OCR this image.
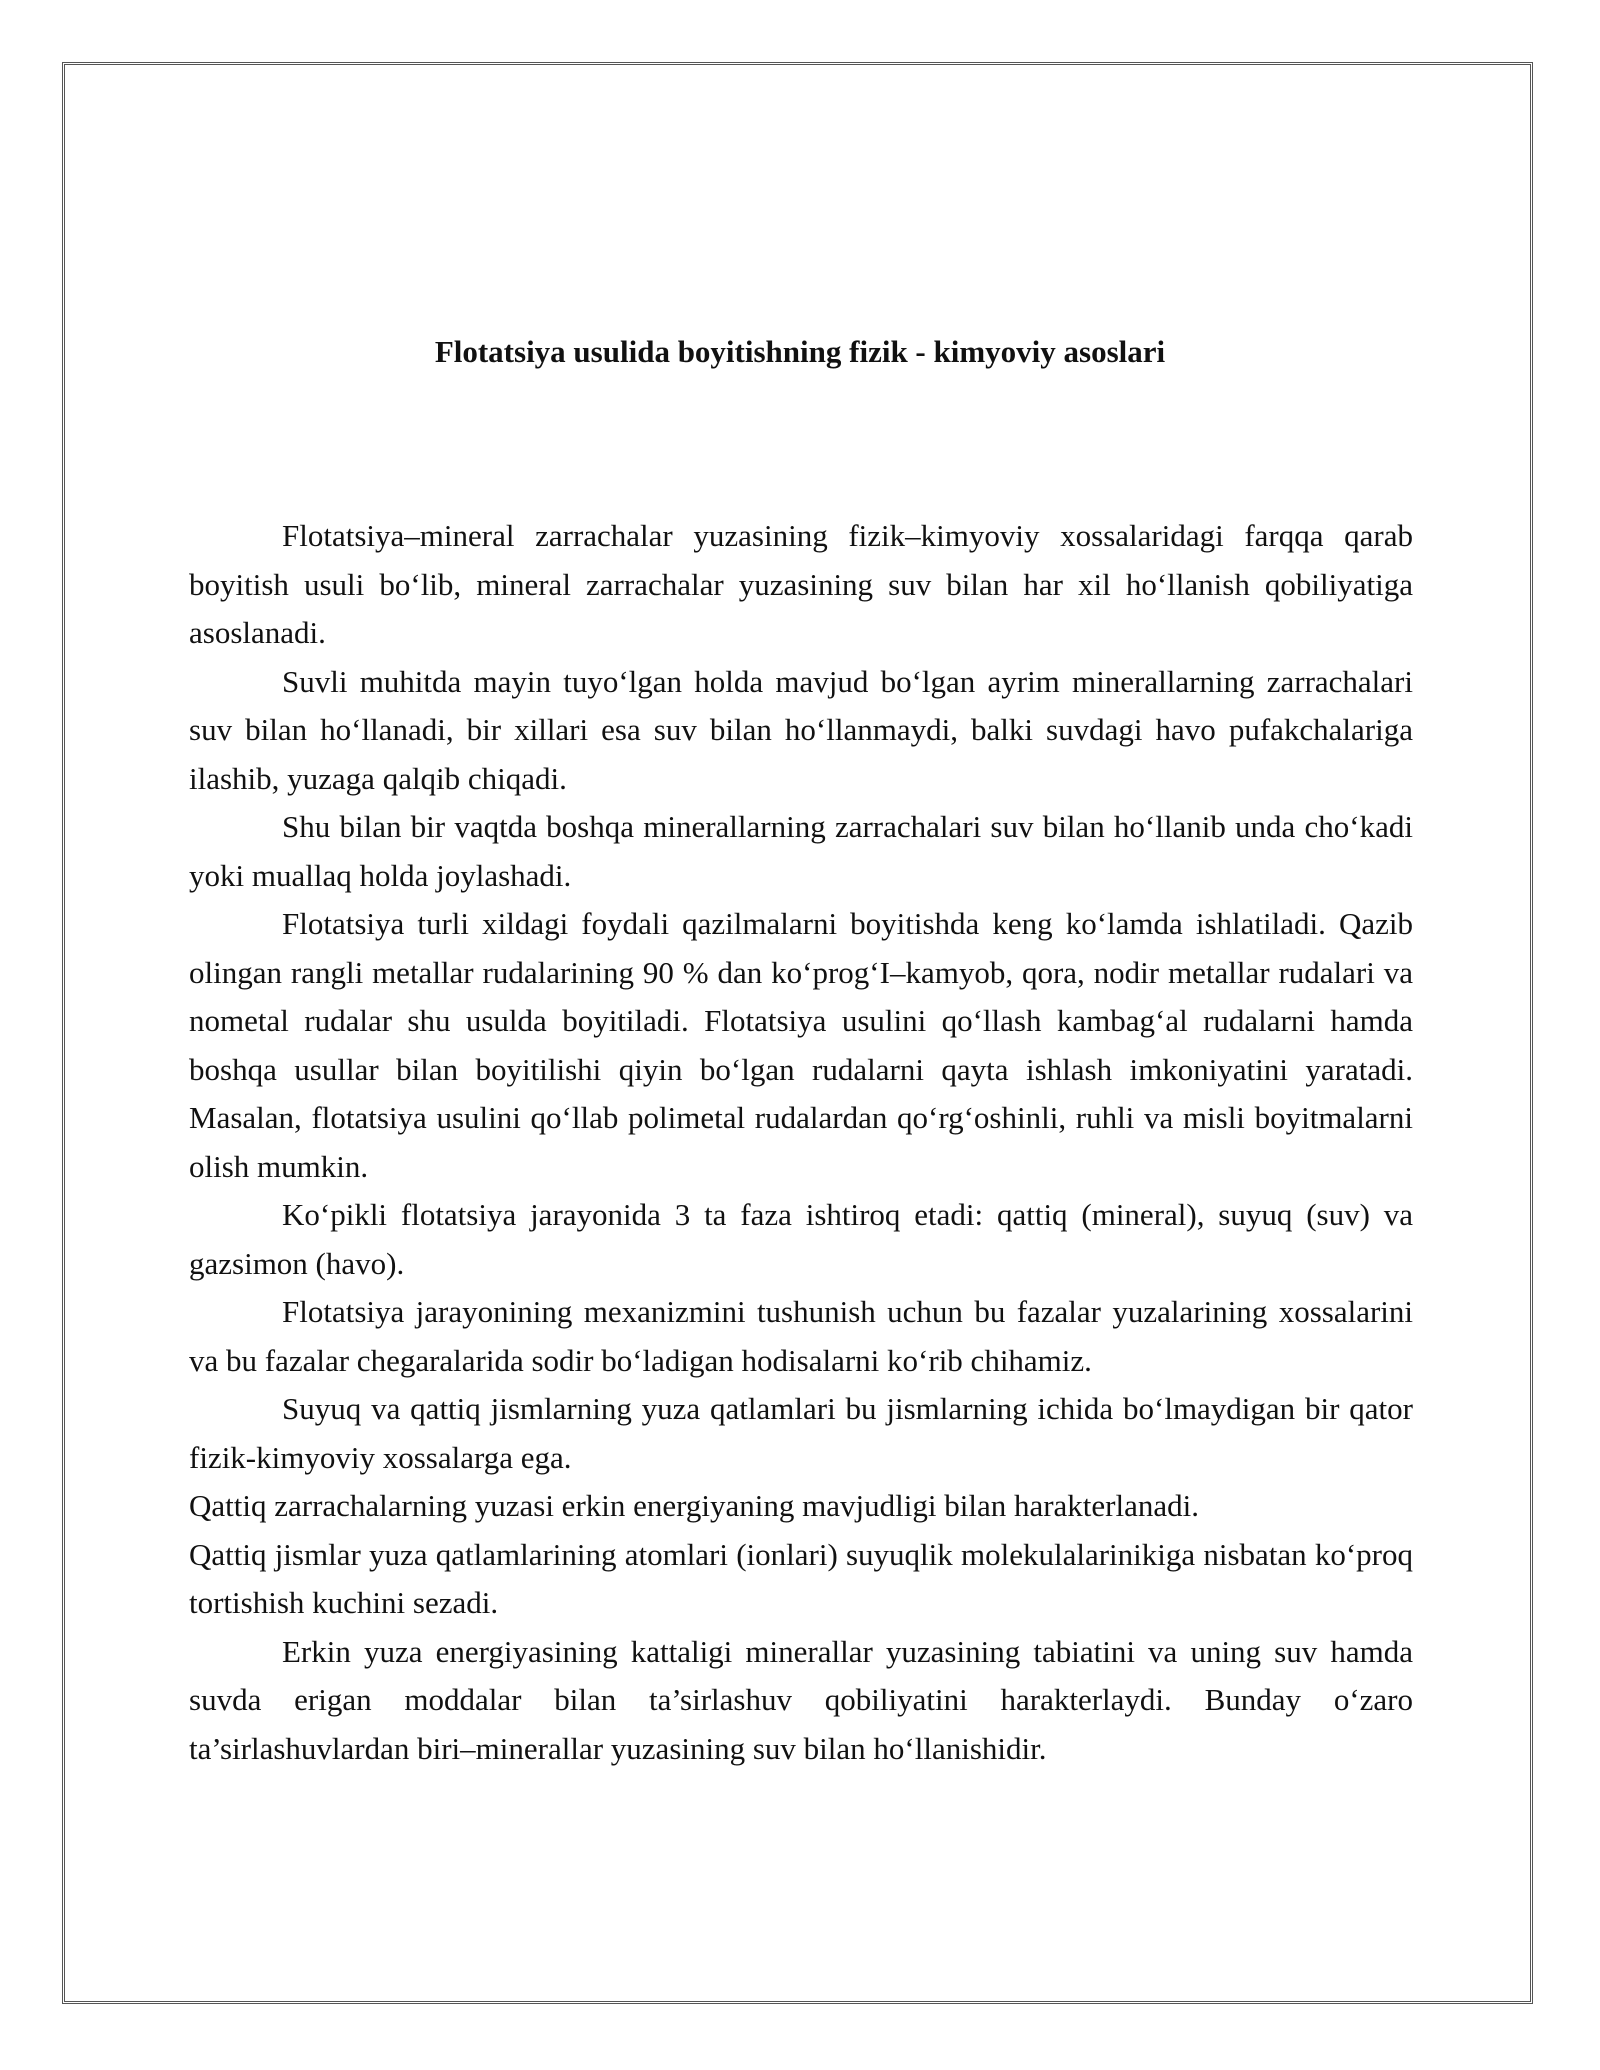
Flotatsiya usulida boyitishning fizik - kimyoviy asoslari

Flotatsiya–mineral zarrachalar yuzasining fizik–kimyoviy xossalaridagi farqqa qarab boyitish usuli bo‘lib, mineral zarrachalar yuzasining suv bilan har xil ho‘llanish qobiliyatiga asoslanadi.

Suvli muhitda mayin tuyo‘lgan holda mavjud bo‘lgan ayrim minerallarning zarrachalari suv bilan ho‘llanadi, bir xillari esa suv bilan ho‘llanmaydi, balki suvdagi havo pufakchalariga ilashib, yuzaga qalqib chiqadi.

Shu bilan bir vaqtda boshqa minerallarning zarrachalari suv bilan ho‘llanib unda cho‘kadi yoki muallaq holda joylashadi.

Flotatsiya turli xildagi foydali qazilmalarni boyitishda keng ko‘lamda ishlatiladi. Qazib olingan rangli metallar rudalarining 90 % dan ko‘prog‘I–kamyob, qora, nodir metallar rudalari va nometal rudalar shu usulda boyitiladi. Flotatsiya usulini qo‘llash kambag‘al rudalarni hamda boshqa usullar bilan boyitilishi qiyin bo‘lgan rudalarni qayta ishlash imkoniyatini yaratadi. Masalan, flotatsiya usulini qo‘llab polimetal rudalardan qo‘rg‘oshinli, ruhli va misli boyitmalarni olish mumkin.

Ko‘pikli flotatsiya jarayonida 3 ta faza ishtiroq etadi: qattiq (mineral), suyuq (suv) va gazsimon (havo).

Flotatsiya jarayonining mexanizmini tushunish uchun bu fazalar yuzalarining xossalarini va bu fazalar chegaralarida sodir bo‘ladigan hodisalarni ko‘rib chihamiz.

Suyuq va qattiq jismlarning yuza qatlamlari bu jismlarning ichida bo‘lmaydigan bir qator fizik-kimyoviy xossalarga ega.

Qattiq zarrachalarning yuzasi erkin energiyaning mavjudligi bilan harakterlanadi.

Qattiq jismlar yuza qatlamlarining atomlari (ionlari) suyuqlik molekulalarinikiga nisbatan ko‘proq tortishish kuchini sezadi.

Erkin yuza energiyasining kattaligi minerallar yuzasining tabiatini va uning suv hamda suvda erigan moddalar bilan ta’sirlashuv qobiliyatini harakterlaydi. Bunday o‘zaro ta’sirlashuvlardan biri–minerallar yuzasining suv bilan ho‘llanishidir.
